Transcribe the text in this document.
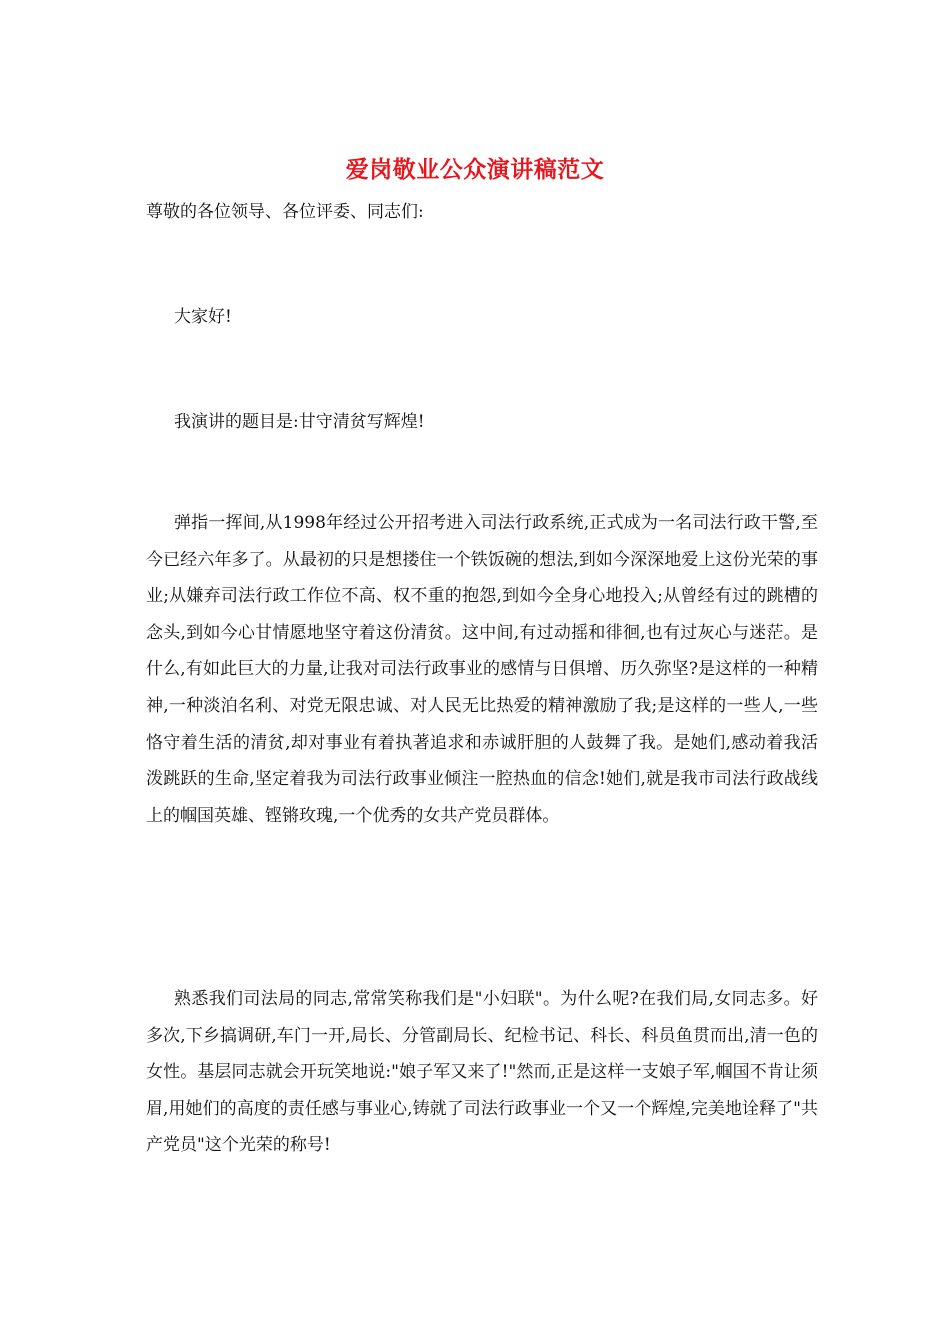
爱岗敬业公众演讲稿范文
尊敬的各位领导、各位评委、同志们:
大家好!
我演讲的题目是:甘守清贫写辉煌!
弹指一挥间,从1998年经过公开招考进入司法行政系统,正式成为一名司法行政干警,至今已经六年多了。从最初的只是想搂住一个铁饭碗的想法,到如今深深地爱上这份光荣的事业;从嫌弃司法行政工作位不高、权不重的抱怨,到如今全身心地投入;从曾经有过的跳槽的念头,到如今心甘情愿地坚守着这份清贫。这中间,有过动摇和徘徊,也有过灰心与迷茫。是什么,有如此巨大的力量,让我对司法行政事业的感情与日俱增、历久弥坚?是这样的一种精神,一种淡泊名利、对党无限忠诚、对人民无比热爱的精神激励了我;是这样的一些人,一些恪守着生活的清贫,却对事业有着执著追求和赤诚肝胆的人鼓舞了我。是她们,感动着我活泼跳跃的生命,坚定着我为司法行政事业倾注一腔热血的信念!她们,就是我市司法行政战线上的帼国英雄、铿锵玫瑰,一个优秀的女共产党员群体。
熟悉我们司法局的同志,常常笑称我们是"小妇联"。为什么呢?在我们局,女同志多。好多次,下乡搞调研,车门一开,局长、分管副局长、纪检书记、科长、科员鱼贯而出,清一色的女性。基层同志就会开玩笑地说:"娘子军又来了!"然而,正是这样一支娘子军,帼国不肯让须眉,用她们的高度的责任感与事业心,铸就了司法行政事业一个又一个辉煌,完美地诠释了"共产党员"这个光荣的称号!
